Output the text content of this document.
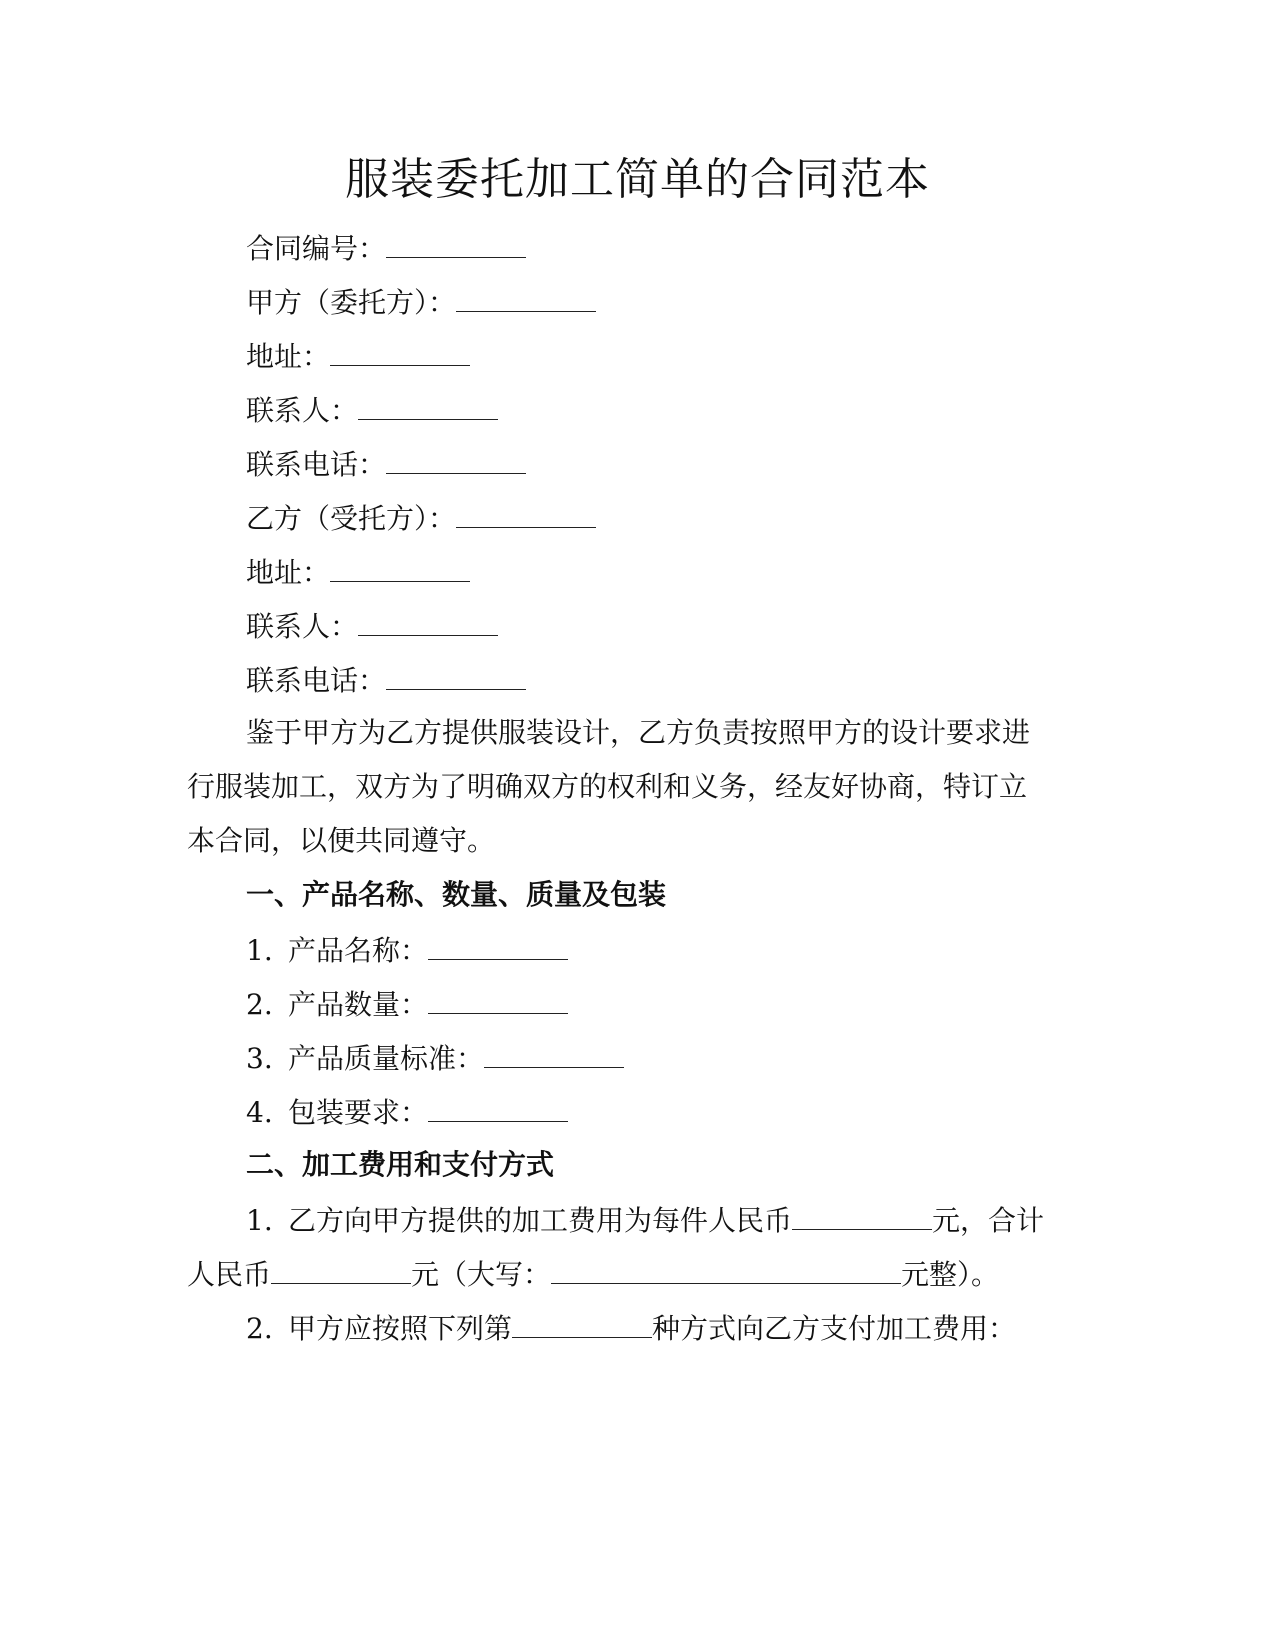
服装委托加工简单的合同范本
合同编号：
甲方（委托方）：
地址：
联系人：
联系电话：
乙方（受托方）：
地址：
联系人：
联系电话：
鉴于甲方为乙方提供服装设计，乙方负责按照甲方的设计要求进
行服装加工，双方为了明确双方的权利和义务，经友好协商，特订立
本合同，以便共同遵守。
一、产品名称、数量、质量及包装
1. 产品名称：
2. 产品数量：
3. 产品质量标准：
4. 包装要求：
二、加工费用和支付方式
1. 乙方向甲方提供的加工费用为每件人民币	元，合计
人民币	元（大写：	元整）。
2. 甲方应按照下列第	种方式向乙方支付加工费用：
